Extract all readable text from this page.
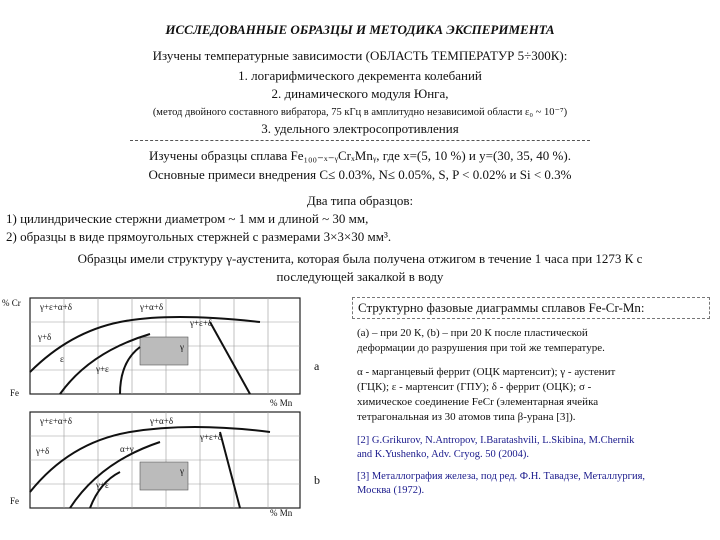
ИССЛЕДОВАННЫЕ ОБРАЗЦЫ И МЕТОДИКА ЭКСПЕРИМЕНТА
Изучены температурные зависимости (ОБЛАСТЬ ТЕМПЕРАТУР 5÷300К):
1. логарифмического декремента колебаний
2. динамического модуля Юнга,
(метод двойного составного вибратора, 75 кГц в амплитудно независимой области ε₀ ~ 10⁻⁷)
3. удельного электросопротивления
Изучены образцы сплава Fe₁₀₀₋ₓ₋ᵧCrₓMnᵧ, где x=(5, 10 %) и y=(30, 35, 40 %).
Основные примеси внедрения C≤ 0.03%, N≤ 0.05%, S, P < 0.02% и Si < 0.3%
Два типа образцов:
1) цилиндрические стержни диаметром ~ 1 мм и длиной ~ 30 мм,
2) образцы в виде прямоугольных стержней с размерами 3×3×30 мм³.
Образцы имели структуру γ-аустенита, которая была получена отжигом в течение 1 часа при 1273 К с
последующей закалкой в воду
γ+ε+α+δ	γ+α+δ
γ+ε+δ
γ+δ
γ
ε
γ+ε
Fe
% Cr
% Mn
a
γ+ε+α+δ	γ+α+δ
γ+ε+δ
γ+δ	α+γ
γ
γ+ε
Fe
% Mn
b
Структурно фазовые диаграммы сплавов Fe-Cr-Mn:
(а) – при 20 К, (b) – при 20 К после пластической
деформации до разрушения при той же температуре.
α - марганцевый феррит (ОЦК мартенсит); γ - аустенит
(ГЦК); ε - мартенсит (ГПУ); δ - феррит (ОЦК); σ -
химическое соединение FeCr (элементарная ячейка
тетрагональная из 30 атомов типа β-урана [3]).
[2] G.Grikurov, N.Antropov, I.Baratashvili, L.Skibina, M.Chernik
and K.Yushenko, Adv. Cryog. 50 (2004).
[3] Металлография железа, под ред. Ф.Н. Тавадзе, Металлургия,
Москва (1972).
